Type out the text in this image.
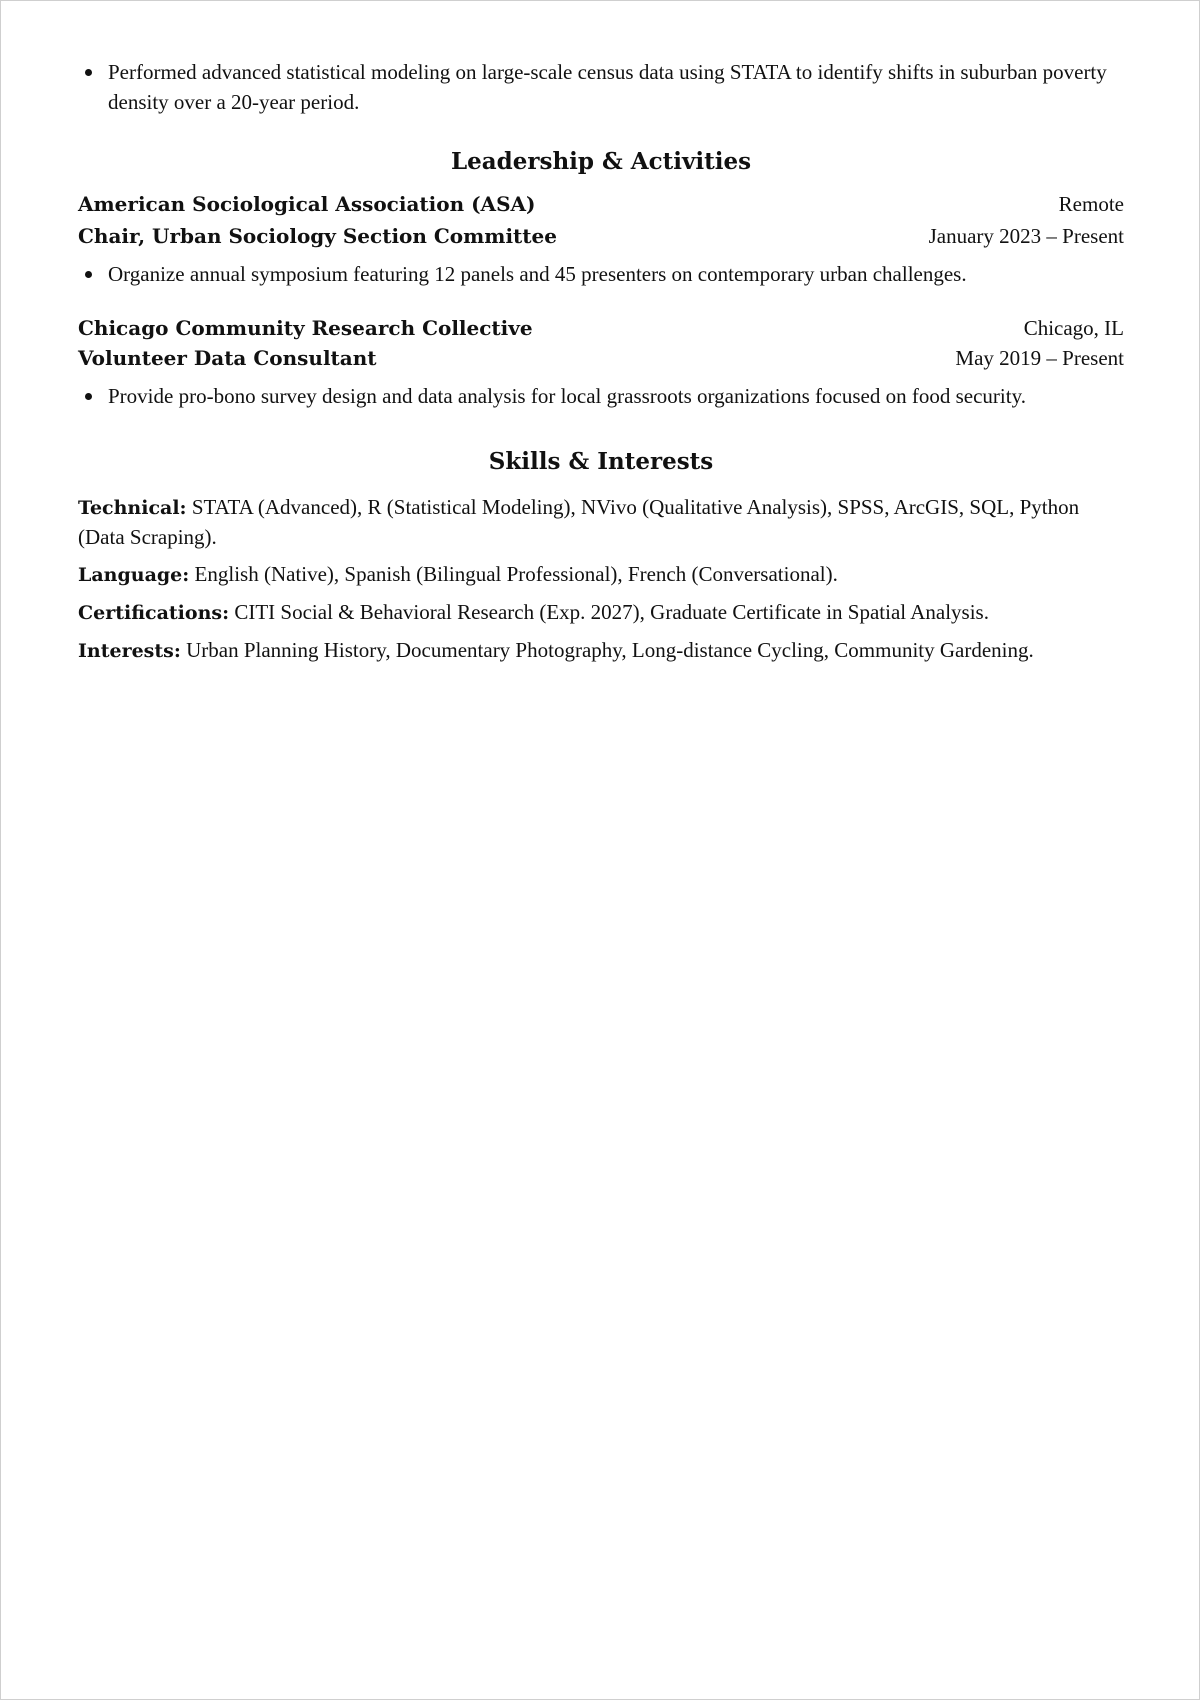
Performed advanced statistical modeling on large-scale census data using STATA to identify shifts in suburban poverty density over a 20-year period.
Leadership & Activities
American Sociological Association (ASA)	Remote
Chair, Urban Sociology Section Committee	January 2023 – Present
Organize annual symposium featuring 12 panels and 45 presenters on contemporary urban challenges.
Chicago Community Research Collective	Chicago, IL
Volunteer Data Consultant	May 2019 – Present
Provide pro-bono survey design and data analysis for local grassroots organizations focused on food security.
Skills & Interests

Technical: STATA (Advanced), R (Statistical Modeling), NVivo (Qualitative Analysis), SPSS, ArcGIS, SQL, Python (Data Scraping).

Language: English (Native), Spanish (Bilingual Professional), French (Conversational).

Certifications: CITI Social & Behavioral Research (Exp. 2027), Graduate Certificate in Spatial Analysis.

Interests: Urban Planning History, Documentary Photography, Long-distance Cycling, Community Gardening.
